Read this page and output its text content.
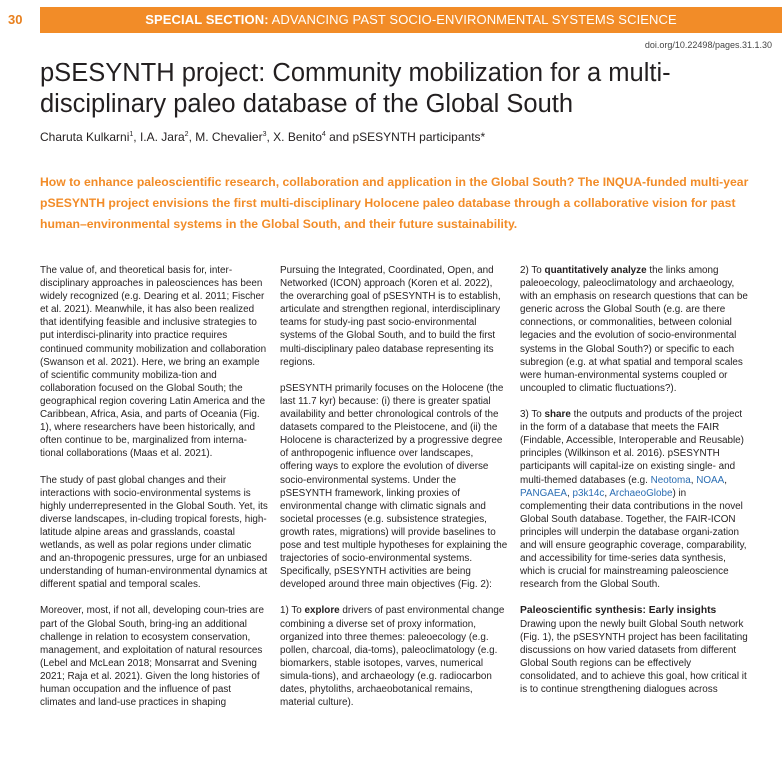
30	SPECIAL SECTION: ADVANCING PAST SOCIO-ENVIRONMENTAL SYSTEMS SCIENCE
doi.org/10.22498/pages.31.1.30
pSESYNTH project: Community mobilization for a multi-disciplinary paleo database of the Global South
Charuta Kulkarni$^1$, I.A. Jara$^2$, M. Chevalier$^3$, X. Benito$^4$ and pSESYNTH participants*

How to enhance paleoscientific research, collaboration and application in the Global South? The INQUA-funded multi-year pSESYNTH project envisions the first multi-disciplinary Holocene paleo database through a collaborative vision for past human–environmental systems in the Global South, and their future sustainability.

The value of, and theoretical basis for, inter-disciplinary approaches in paleosciences has been widely recognized (e.g. Dearing et al. 2011; Fischer et al. 2021). Meanwhile, it has also been realized that identifying feasible and inclusive strategies to put interdisci-plinarity into practice requires continued community mobilization and collaboration (Swanson et al. 2021). Here, we bring an example of scientific community mobiliza-tion and collaboration focused on the Global South; the geographical region covering Latin America and the Caribbean, Africa, Asia, and parts of Oceania (Fig. 1), where researchers have been historically, and often continue to be, marginalized from interna-tional collaborations (Maas et al. 2021).

The study of past global changes and their interactions with socio-environmental systems is highly underrepresented in the Global South. Yet, its diverse landscapes, in-cluding tropical forests, high-latitude alpine areas and grasslands, coastal wetlands, as well as polar regions under climatic and an-thropogenic pressures, urge for an unbiased understanding of human-environmental dynamics at different spatial and temporal scales.

Moreover, most, if not all, developing coun-tries are part of the Global South, bring-ing an additional challenge in relation to ecosystem conservation, management, and exploitation of natural resources (Lebel and McLean 2018; Monsarrat and Svening 2021; Raja et al. 2021). Given the long histories of human occupation and the influence of past climates and land-use practices in shaping

Pursuing the Integrated, Coordinated, Open, and Networked (ICON) approach (Koren et al. 2022), the overarching goal of pSESYNTH is to establish, articulate and strengthen regional, interdisciplinary teams for study-ing past socio-environmental systems of the Global South, and to build the first multi-disciplinary paleo database representing its regions.

pSESYNTH primarily focuses on the Holocene (the last 11.7 kyr) because: (i) there is greater spatial availability and better chronological controls of the datasets compared to the Pleistocene, and (ii) the Holocene is characterized by a progressive degree of anthropogenic influence over landscapes, offering ways to explore the evolution of diverse socio-environmental systems. Under the pSESYNTH framework, linking proxies of environmental change with climatic signals and societal processes (e.g. subsistence strategies, growth rates, migrations) will provide baselines to pose and test multiple hypotheses for explaining the trajectories of socio-environmental systems. Specifically, pSESYNTH activities are being developed around three main objectives (Fig. 2):

1) To explore drivers of past environmental change combining a diverse set of proxy information, organized into three themes: paleoecology (e.g. pollen, charcoal, dia-toms), paleoclimatology (e.g. biomarkers, stable isotopes, varves, numerical simula-tions), and archaeology (e.g. radiocarbon dates, phytoliths, archaeobotanical remains, material culture).

2) To quantitatively analyze the links among paleoecology, paleoclimatology and archaeology, with an emphasis on research questions that can be generic across the Global South (e.g. are there connections, or commonalities, between colonial legacies and the evolution of socio-environmental systems in the Global South?) or specific to each subregion (e.g. at what spatial and temporal scales were human-environmental systems coupled or uncoupled to climatic fluctuations?).

3) To share the outputs and products of the project in the form of a database that meets the FAIR (Findable, Accessible, Interoperable and Reusable) principles (Wilkinson et al. 2016). pSESYNTH participants will capital-ize on existing single- and multi-themed databases (e.g. Neotoma, NOAA, PANGAEA, p3k14c, ArchaeoGlobe) in complementing their data contributions in the novel Global South database. Together, the FAIR-ICON principles will underpin the database organi-zation and will ensure geographic coverage, comparability, and accessibility for time-series data synthesis, which is crucial for mainstreaming paleoscience research from the Global South.

Paleoscientific synthesis: Early insights
Drawing upon the newly built Global South network (Fig. 1), the pSESYNTH project has been facilitating discussions on how varied datasets from different Global South regions can be effectively consolidated, and to achieve this goal, how critical it is to continue strengthening dialogues across
